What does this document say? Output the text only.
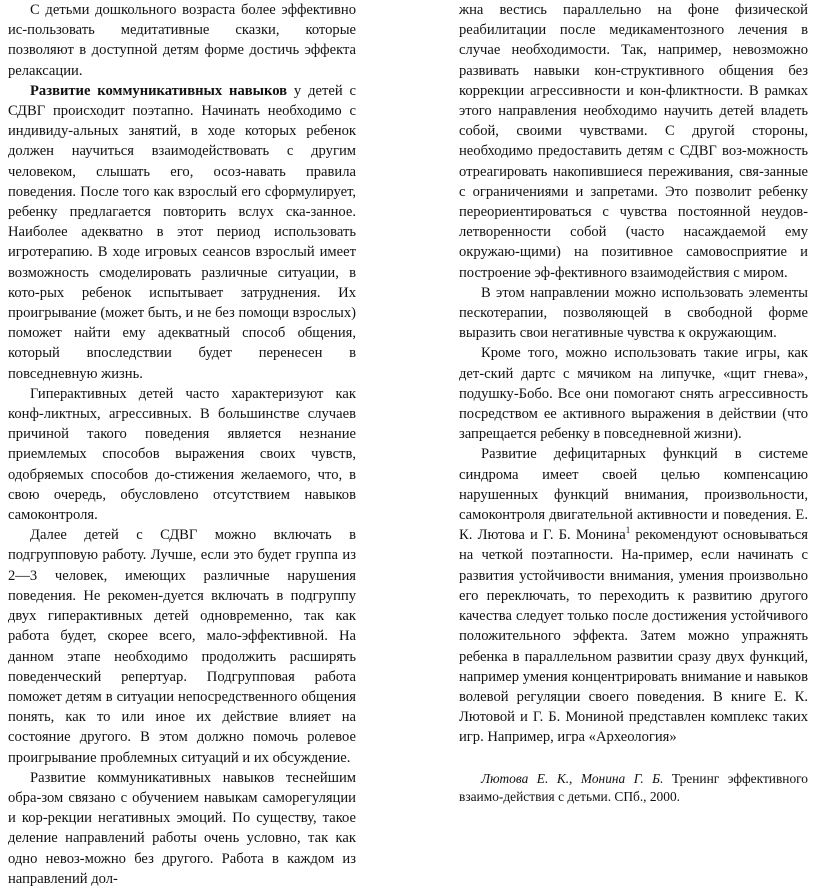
С детьми дошкольного возраста более эффективно ис-пользовать медитативные сказки, которые позволяют в доступной детям форме достичь эффекта релаксации.

Развитие коммуникативных навыков у детей с СДВГ происходит поэтапно. Начинать необходимо с индивиду-альных занятий, в ходе которых ребенок должен научиться взаимодействовать с другим человеком, слышать его, осоз-навать правила поведения. После того как взрослый его сформулирует, ребенку предлагается повторить вслух ска-занное. Наиболее адекватно в этот период использовать игротерапию. В ходе игровых сеансов взрослый имеет возможность смоделировать различные ситуации, в кото-рых ребенок испытывает затруднения. Их проигрывание (может быть, и не без помощи взрослых) поможет найти ему адекватный способ общения, который впоследствии будет перенесен в повседневную жизнь.

Гиперактивных детей часто характеризуют как конф-ликтных, агрессивных. В большинстве случаев причиной такого поведения является незнание приемлемых способов выражения своих чувств, одобряемых способов до-стижения желаемого, что, в свою очередь, обусловлено отсутствием навыков самоконтроля.

Далее детей с СДВГ можно включать в подгрупповую работу. Лучше, если это будет группа из 2—3 человек, имеющих различные нарушения поведения. Не рекомен-дуется включать в подгруппу двух гиперактивных детей одновременно, так как работа будет, скорее всего, мало-эффективной. На данном этапе необходимо продолжить расширять поведенческий репертуар. Подгрупповая работа поможет детям в ситуации непосредственного общения понять, как то или иное их действие влияет на состояние другого. В этом должно помочь ролевое проигрывание проблемных ситуаций и их обсуждение.

Развитие коммуникативных навыков теснейшим обра-зом связано с обучением навыкам саморегуляции и кор-рекции негативных эмоций. По существу, такое деление направлений работы очень условно, так как одно невоз-можно без другого. Работа в каждом из направлений дол-

жна вестись параллельно на фоне физической реабилитации после медикаментозного лечения в случае необходимости. Так, например, невозможно развивать навыки кон-структивного общения без коррекции агрессивности и кон-фликтности. В рамках этого направления необходимо научить детей владеть собой, своими чувствами. С другой стороны, необходимо предоставить детям с СДВГ воз-можность отреагировать накопившиеся переживания, свя-занные с ограничениями и запретами. Это позволит ребенку переориентироваться с чувства постоянной неудов-летворенности собой (часто насаждаемой ему окружаю-щими) на позитивное самовосприятие и построение эф-фективного взаимодействия с миром.

В этом направлении можно использовать элементы пескотерапии, позволяющей в свободной форме выразить свои негативные чувства к окружающим.

Кроме того, можно использовать такие игры, как дет-ский дартс с мячиком на липучке, «щит гнева», подушку-Бобо. Все они помогают снять агрессивность посредством ее активного выражения в действии (что запрещается ребенку в повседневной жизни).

Развитие дефицитарных функций в системе синдрома имеет своей целью компенсацию нарушенных функций внимания, произвольности, самоконтроля двигательной активности и поведения. Е. К. Лютова и Г. Б. Монина$^1$ рекомендуют основываться на четкой поэтапности. На-пример, если начинать с развития устойчивости внимания, умения произвольно его переключать, то переходить к развитию другого качества следует только после достижения устойчивого положительного эффекта. Затем можно упражнять ребенка в параллельном развитии сразу двух функций, например умения концентрировать внимание и навыков волевой регуляции своего поведения. В книге Е. К. Лютовой и Г. Б. Мониной представлен комплекс таких игр. Например, игра «Археология»

Лютова Е. К., Монина Г. Б. Тренинг эффективного взаимо-действия с детьми. СПб., 2000.
